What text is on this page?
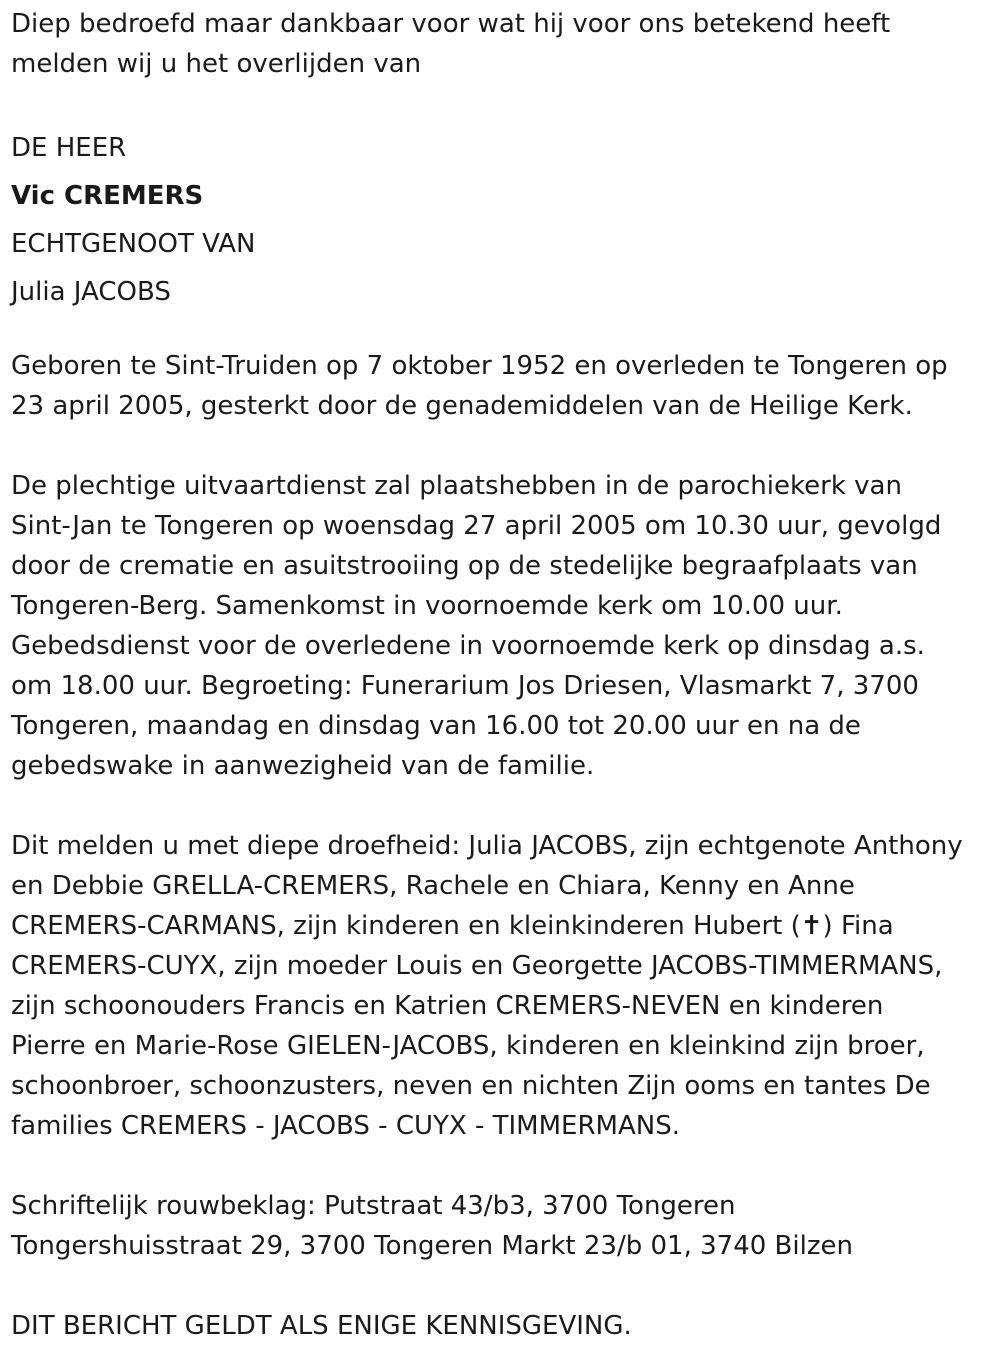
Diep bedroefd maar dankbaar voor wat hij voor ons betekend heeft
melden wij u het overlijden van

DE HEER
Vic CREMERS
ECHTGENOOT VAN
Julia JACOBS

Geboren te Sint-Truiden op 7 oktober 1952 en overleden te Tongeren op
23 april 2005, gesterkt door de genademiddelen van de Heilige Kerk.

De plechtige uitvaartdienst zal plaatshebben in de parochiekerk van
Sint-Jan te Tongeren op woensdag 27 april 2005 om 10.30 uur, gevolgd
door de crematie en asuitstrooiing op de stedelijke begraafplaats van
Tongeren-Berg. Samenkomst in voornoemde kerk om 10.00 uur.
Gebedsdienst voor de overledene in voornoemde kerk op dinsdag a.s.
om 18.00 uur. Begroeting: Funerarium Jos Driesen, Vlasmarkt 7, 3700
Tongeren, maandag en dinsdag van 16.00 tot 20.00 uur en na de
gebedswake in aanwezigheid van de familie.

Dit melden u met diepe droefheid: Julia JACOBS, zijn echtgenote Anthony
en Debbie GRELLA-CREMERS, Rachele en Chiara, Kenny en Anne
CREMERS-CARMANS, zijn kinderen en kleinkinderen Hubert (✝) Fina
CREMERS-CUYX, zijn moeder Louis en Georgette JACOBS-TIMMERMANS,
zijn schoonouders Francis en Katrien CREMERS-NEVEN en kinderen
Pierre en Marie-Rose GIELEN-JACOBS, kinderen en kleinkind zijn broer,
schoonbroer, schoonzusters, neven en nichten Zijn ooms en tantes De
families CREMERS - JACOBS - CUYX - TIMMERMANS.

Schriftelijk rouwbeklag: Putstraat 43/b3, 3700 Tongeren
Tongershuisstraat 29, 3700 Tongeren Markt 23/b 01, 3740 Bilzen

DIT BERICHT GELDT ALS ENIGE KENNISGEVING.
